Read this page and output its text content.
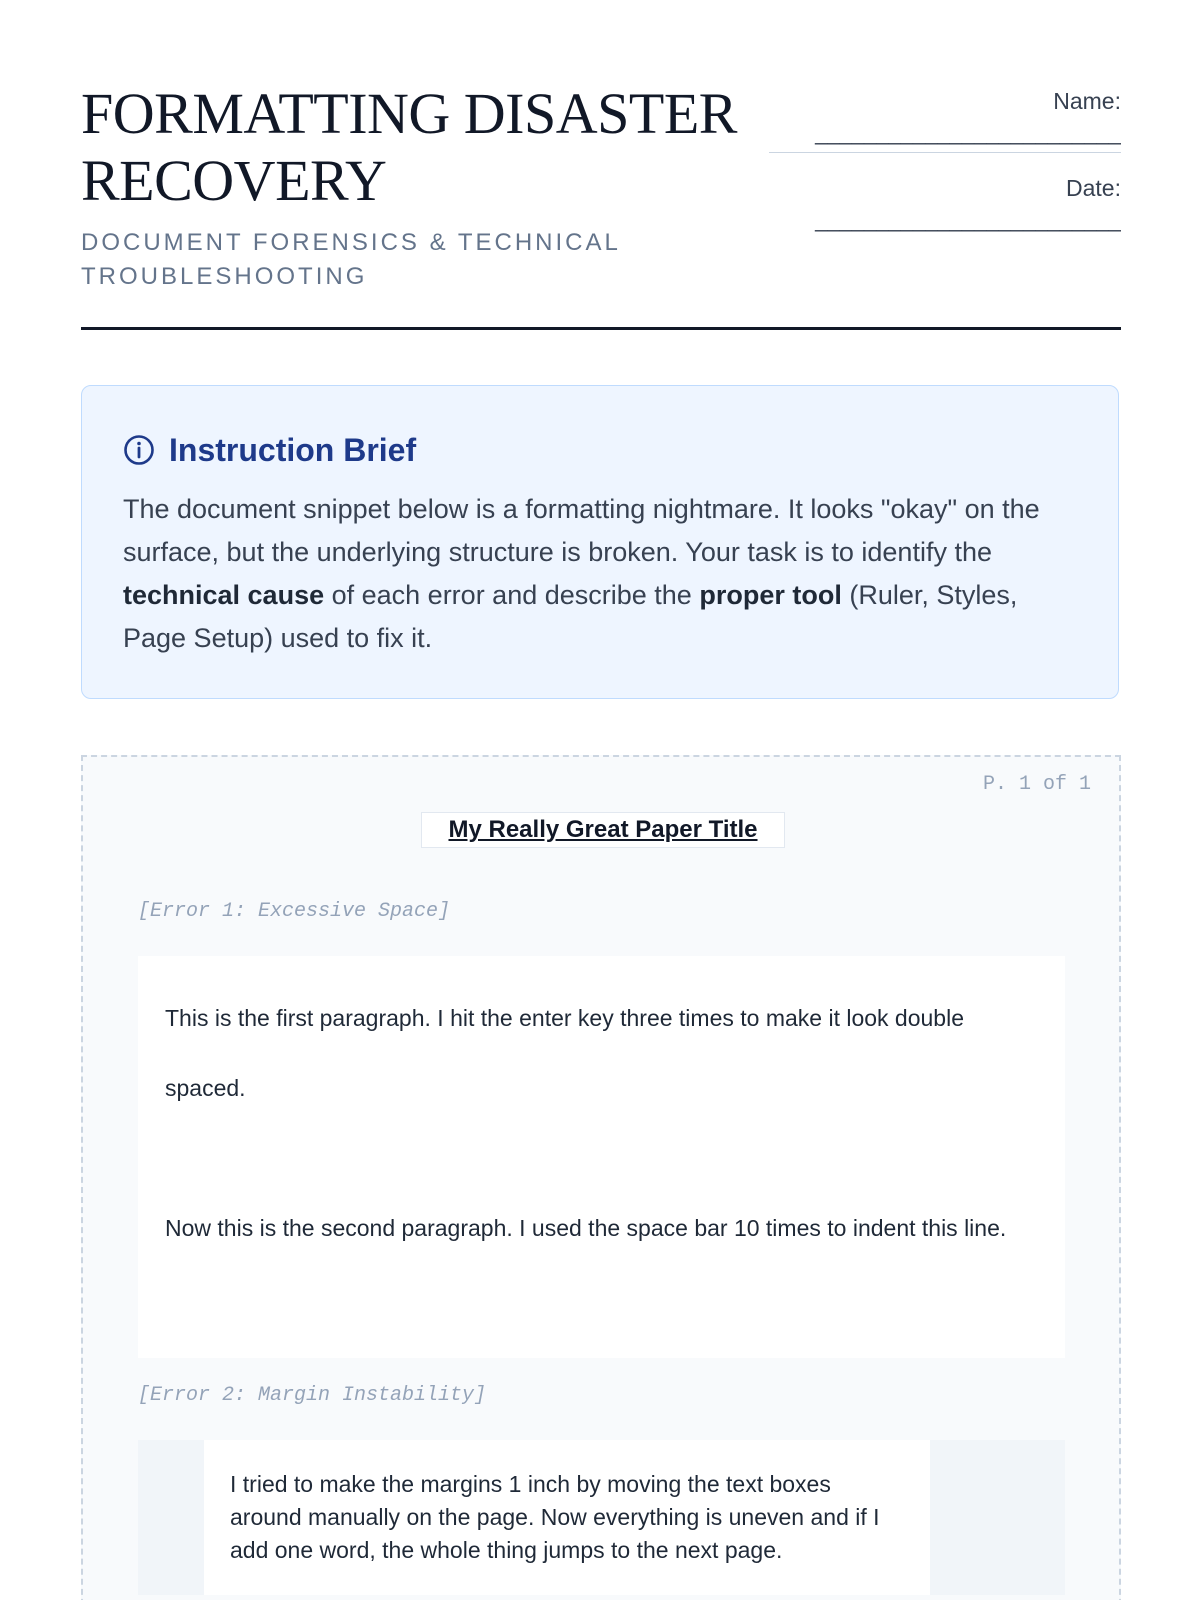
FORMATTING DISASTER
RECOVERY
DOCUMENT FORENSICS & TECHNICAL
TROUBLESHOOTING
Name:
_________________________
Date:
_________________________
Instruction Brief
The document snippet below is a formatting nightmare. It looks "okay" on the surface, but the underlying structure is broken. Your task is to identify the technical cause of each error and describe the proper tool (Ruler, Styles, Page Setup) used to fix it.
P. 1 of 1
My Really Great Paper Title
[Error 1: Excessive Space]
This is the first paragraph. I hit the enter key three times to make it look double spaced.
Now this is the second paragraph. I used the space bar 10 times to indent this line.
[Error 2: Margin Instability]
I tried to make the margins 1 inch by moving the text boxes around manually on the page. Now everything is uneven and if I add one word, the whole thing jumps to the next page.
